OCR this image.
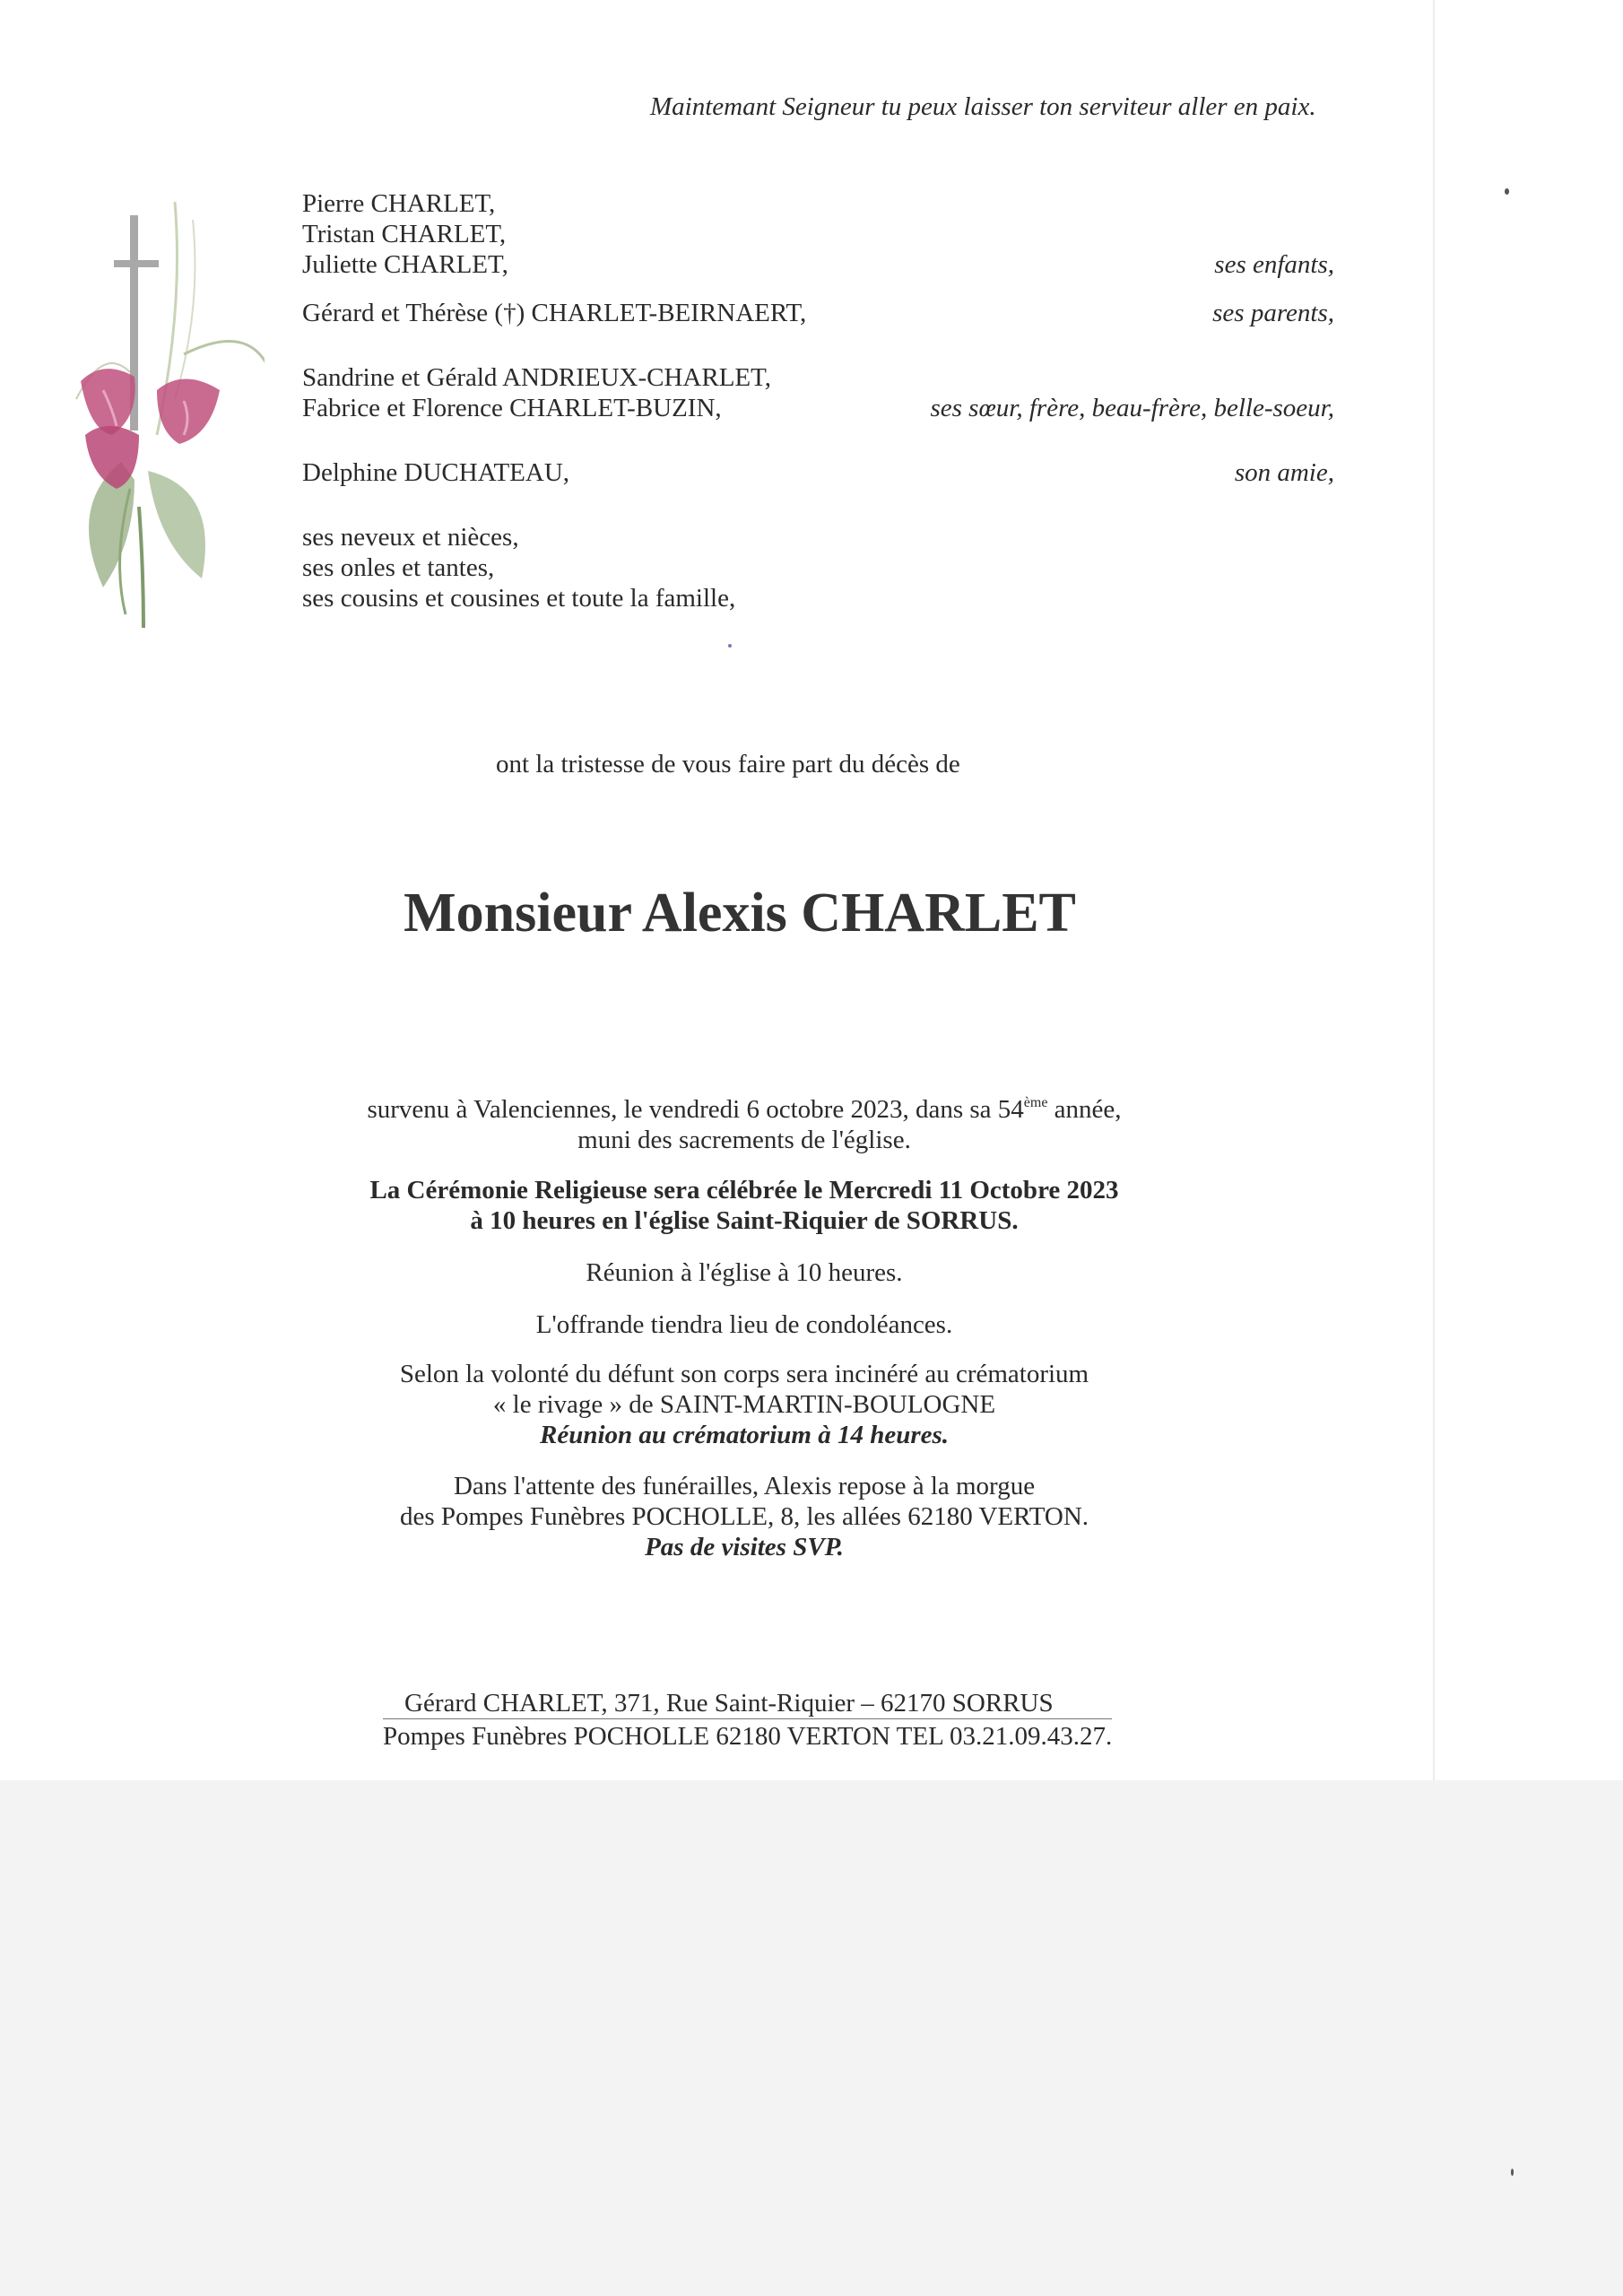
Maintemant Seigneur tu peux laisser ton serviteur aller en paix.
Pierre CHARLET,
Tristan CHARLET,
Juliette CHARLET,	ses enfants,
Gérard et Thérèse (†) CHARLET-BEIRNAERT,	ses parents,
Sandrine et Gérald ANDRIEUX-CHARLET,
Fabrice et Florence CHARLET-BUZIN,	ses sœur, frère, beau-frère, belle-soeur,
Delphine DUCHATEAU,	son amie,
ses neveux et nièces,
ses onles et tantes,
ses cousins et cousines et toute la famille,
ont la tristesse de vous faire part du décès de
Monsieur Alexis CHARLET
survenu à Valenciennes, le vendredi 6 octobre 2023, dans sa 54ème année,
muni des sacrements de l'église.
La Cérémonie Religieuse sera célébrée le Mercredi 11 Octobre 2023
à 10 heures en l'église Saint-Riquier de SORRUS.
Réunion à l'église à 10 heures.
L'offrande tiendra lieu de condoléances.
Selon la volonté du défunt son corps sera incinéré au crématorium
« le rivage » de SAINT-MARTIN-BOULOGNE
Réunion au crématorium à 14 heures.
Dans l'attente des funérailles, Alexis repose à la morgue
des Pompes Funèbres POCHOLLE, 8, les allées 62180 VERTON.
Pas de visites SVP.
Gérard CHARLET, 371, Rue Saint-Riquier – 62170 SORRUS
Pompes Funèbres POCHOLLE 62180 VERTON TEL 03.21.09.43.27.
